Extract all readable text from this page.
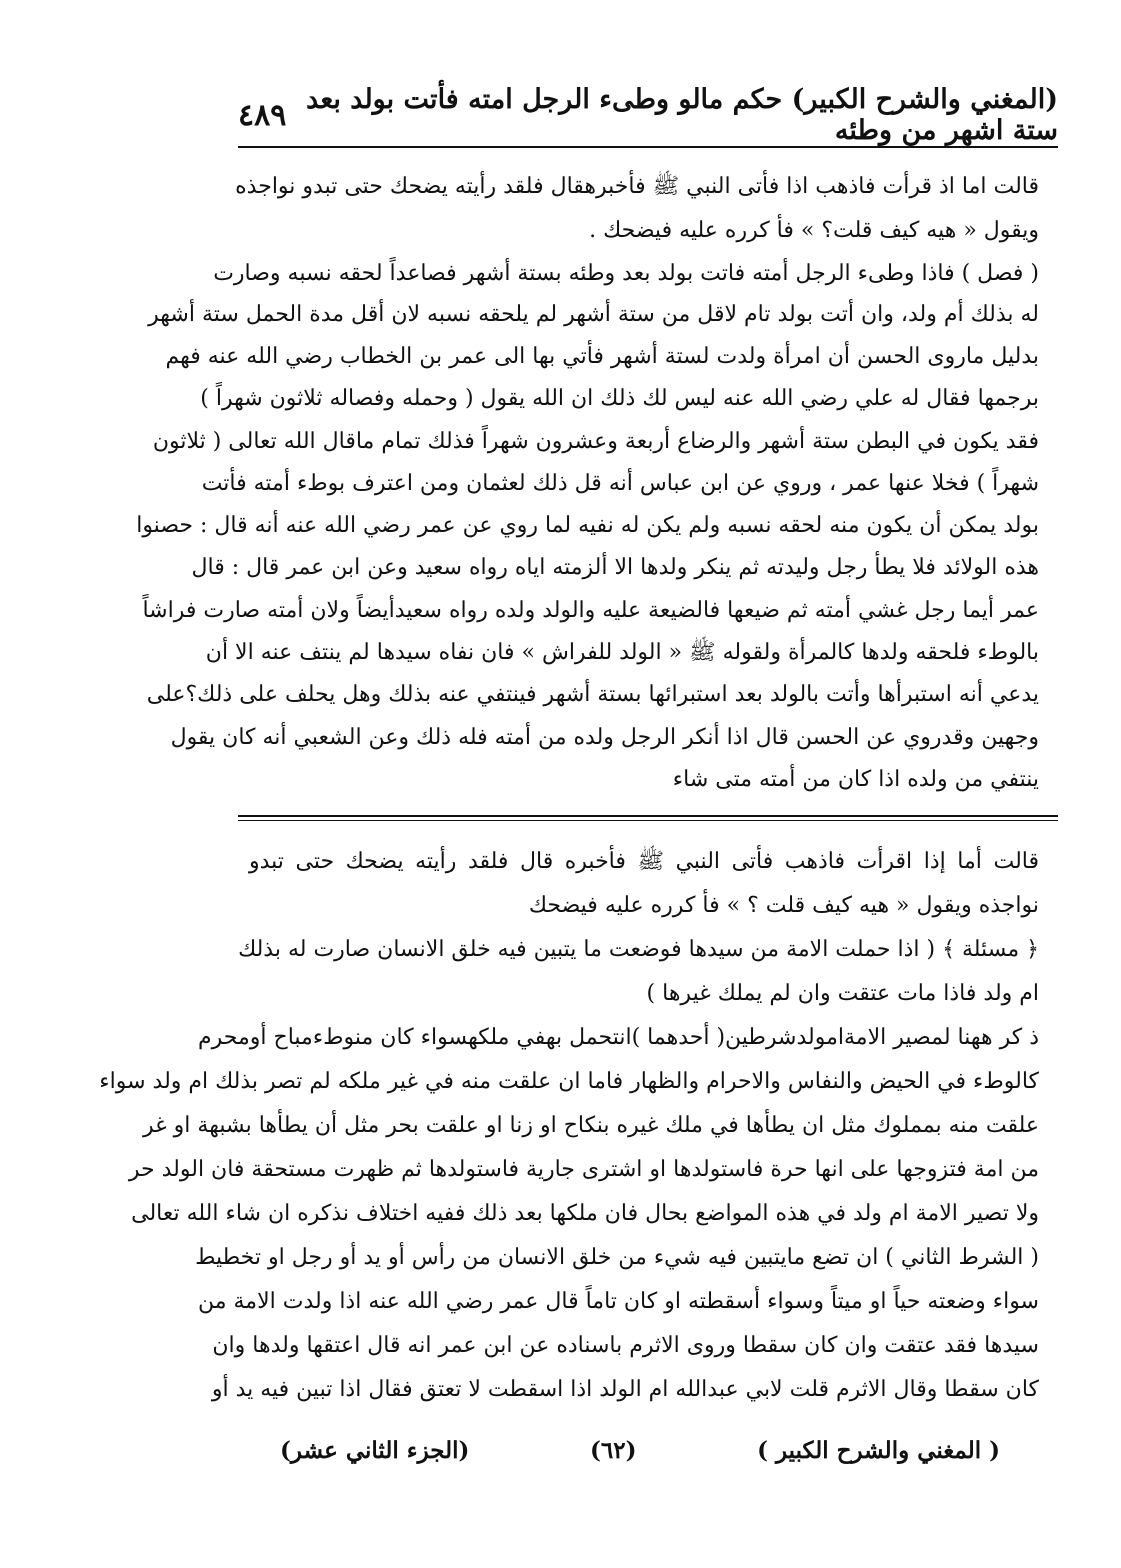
(المغني والشرح الكبير) حكم مالو وطىء الرجل امته فأتت بولد بعد ستة اشهر من وطئه
٤٨٩
قالت اما اذ قرأت فاذهب اذا فأتى النبي ﷺ فأخبرهقال فلقد رأيته يضحك حتى تبدو نواجذه
ويقول « هيه كيف قلت؟ » فأ كرره عليه فيضحك .
( فصل ) فاذا وطىء الرجل أمته فاتت بولد بعد وطئه بستة أشهر فصاعداً لحقه نسبه وصارت
له بذلك أم ولد، وان أتت بولد تام لاقل من ستة أشهر لم يلحقه نسبه لان أقل مدة الحمل ستة أشهر
بدليل ماروى الحسن أن امرأة ولدت لستة أشهر فأتي بها الى عمر بن الخطاب رضي الله عنه فهم
برجمها فقال له علي رضي الله عنه ليس لك ذلك ان الله يقول ( وحمله وفصاله ثلاثون شهراً )
فقد يكون في البطن ستة أشهر والرضاع أربعة وعشرون شهراً فذلك تمام ماقال الله تعالى ( ثلاثون
شهراً ) فخلا عنها عمر ، وروي عن ابن عباس أنه قل ذلك لعثمان ومن اعترف بوطء أمته فأتت
بولد يمكن أن يكون منه لحقه نسبه ولم يكن له نفيه لما روي عن عمر رضي الله عنه أنه قال : حصنوا
هذه الولائد فلا يطأ رجل وليدته ثم ينكر ولدها الا ألزمته اياه رواه سعيد وعن ابن عمر قال : قال
عمر أيما رجل غشي أمته ثم ضيعها فالضيعة عليه والولد ولده رواه سعيدأيضاً ولان أمته صارت فراشاً
بالوطء فلحقه ولدها كالمرأة ولقوله ﷺ « الولد للفراش » فان نفاه سيدها لم ينتف عنه الا أن
يدعي أنه استبرأها وأتت بالولد بعد استبرائها بستة أشهر فينتفي عنه بذلك وهل يحلف على ذلك؟على
وجهين وقدروي عن الحسن قال اذا أنكر الرجل ولده من أمته فله ذلك وعن الشعبي أنه كان يقول
ينتفي من ولده اذا كان من أمته متى شاء
قالت أما إذا اقرأت فاذهب فأتى النبي ﷺ فأخبره قال فلقد رأيته يضحك حتى تبدو
نواجذه ويقول « هيه كيف قلت ؟ » فأ كرره عليه فيضحك
﴿ مسئلة ﴾ ( اذا حملت الامة من سيدها فوضعت ما يتبين فيه خلق الانسان صارت له بذلك
ام ولد فاذا مات عتقت وان لم يملك غيرها )
ذ كر ههنا لمصير الامةامولدشرطين( أحدهما )انتحمل بهفي ملكهسواء كان منوطءمباح أومحرم
كالوطء في الحيض والنفاس والاحرام والظهار فاما ان علقت منه في غير ملكه لم تصر بذلك ام ولد سواء
علقت منه بمملوك مثل ان يطأها في ملك غيره بنكاح او زنا او علقت بحر مثل أن يطأها بشبهة او غر
من امة فتزوجها على انها حرة فاستولدها او اشترى جارية فاستولدها ثم ظهرت مستحقة فان الولد حر
ولا تصير الامة ام ولد في هذه المواضع بحال فان ملكها بعد ذلك ففيه اختلاف نذكره ان شاء الله تعالى
( الشرط الثاني ) ان تضع مايتبين فيه شيء من خلق الانسان من رأس أو يد أو رجل او تخطيط
سواء وضعته حياً او ميتاً وسواء أسقطته او كان تاماً قال عمر رضي الله عنه اذا ولدت الامة من
سيدها فقد عتقت وان كان سقطا وروى الاثرم باسناده عن ابن عمر انه قال اعتقها ولدها وان
كان سقطا وقال الاثرم قلت لابي عبدالله ام الولد اذا اسقطت لا تعتق فقال اذا تبين فيه يد أو
( المغني والشرح الكبير )
(٦٢)
(الجزء الثاني عشر)
